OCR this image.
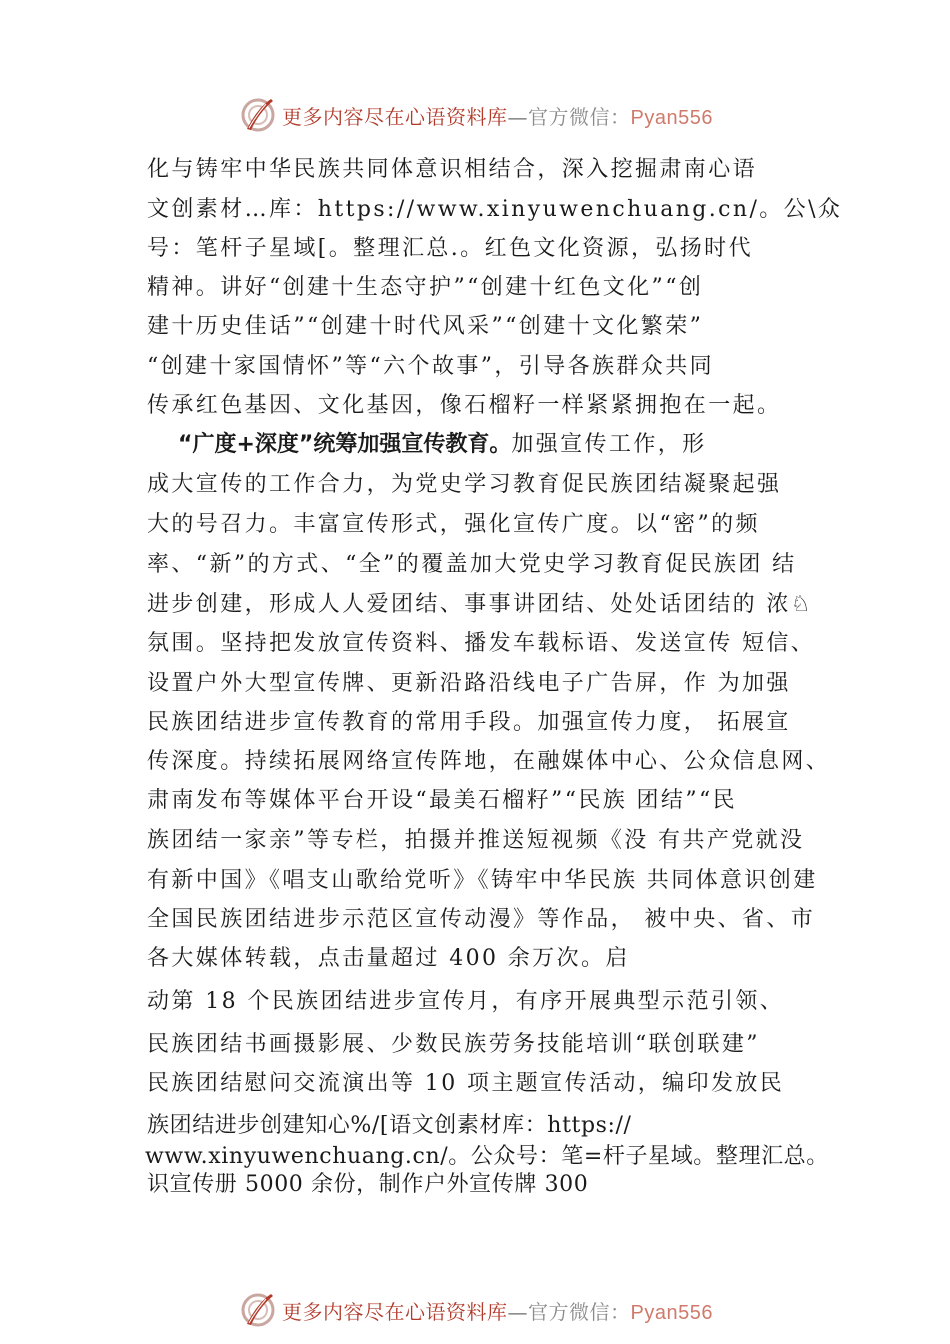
更多内容尽在心语资料库—官方微信：Pyan556
化与铸牢中华民族共同体意识相结合，深入挖掘肃南心语
文创素材…库：https://www.xinyuwenchuang.cn/。公\众
号：笔杆子星域[。整理汇总.。红色文化资源，弘扬时代
精神。讲好“创建十生态守护”“创建十红色文化”“创
建十历史佳话”“创建十时代风采”“创建十文化繁荣”
“创建十家国情怀”等“六个故事”，引导各族群众共同
传承红色基因、文化基因，像石榴籽一样紧紧拥抱在一起。
“广度+深度”统筹加强宣传教育。加强宣传工作，形
成大宣传的工作合力，为党史学习教育促民族团结凝聚起强
大的号召力。丰富宣传形式，强化宣传广度。以“密”的频
率、“新”的方式、“全”的覆盖加大党史学习教育促民族团 结
进步创建，形成人人爱团结、事事讲团结、处处话团结的 浓♘
氛围。坚持把发放宣传资料、播发车载标语、发送宣传 短信、
设置户外大型宣传牌、更新沿路沿线电子广告屏，作 为加强
民族团结进步宣传教育的常用手段。加强宣传力度， 拓展宣
传深度。持续拓展网络宣传阵地，在融媒体中心、公众信息网、
肃南发布等媒体平台开设“最美石榴籽”“民族 团结”“民
族团结一家亲”等专栏，拍摄并推送短视频《没 有共产党就没
有新中国》《唱支山歌给党听》《铸牢中华民族 共同体意识创建
全国民族团结进步示范区宣传动漫》等作品， 被中央、省、市
各大媒体转载，点击量超过 400 余万次。启
动第 18 个民族团结进步宣传月，有序开展典型示范引领、
民族团结书画摄影展、少数民族劳务技能培训“联创联建”
民族团结慰问交流演出等 10 项主题宣传活动，编印发放民
族团结进步创建知心%/[语文创素材库：https://
www.xinyuwenchuang.cn/。公众号：笔=杆子星域。整理汇总。
识宣传册 5000 余份，制作户外宣传牌 300
更多内容尽在心语资料库—官方微信：Pyan556
